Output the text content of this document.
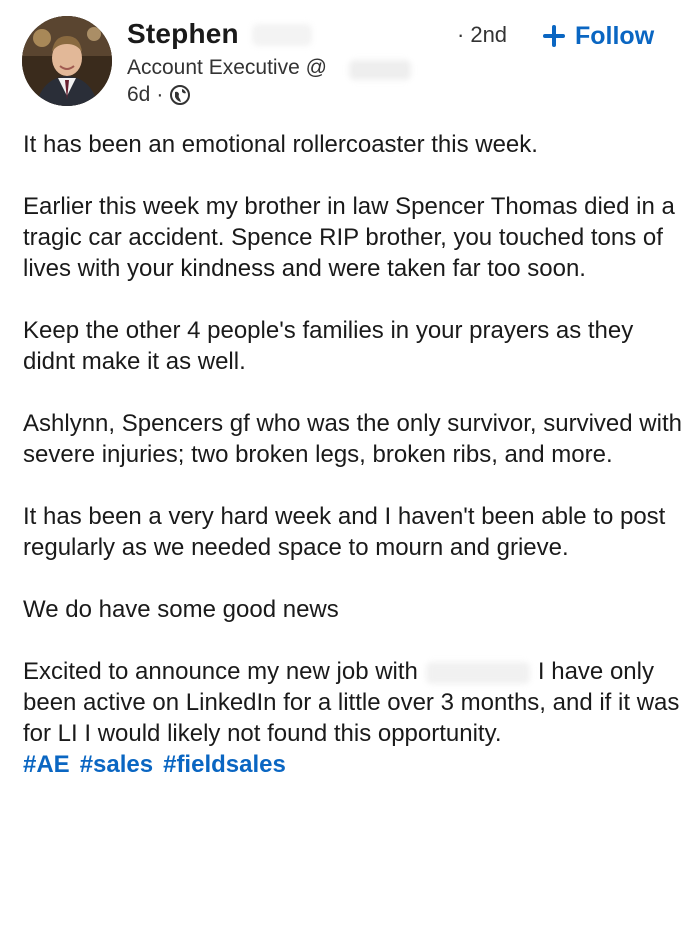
Stephen	· 2nd	Follow
Account Executive @
6d ·

It has been an emotional rollercoaster this week.

Earlier this week my brother in law Spencer Thomas died in a tragic car accident. Spence RIP brother, you touched tons of lives with your kindness and were taken far too soon.

Keep the other 4 people's families in your prayers as they didnt make it as well.

Ashlynn, Spencers gf who was the only survivor, survived with severe injuries; two broken legs, broken ribs, and more.

It has been a very hard week and I haven't been able to post regularly as we needed space to mourn and grieve.

We do have some good news

Excited to announce my new job with	I have only been active on LinkedIn for a little over 3 months, and if it was for LI I would likely not found this opportunity.

#AE #sales #fieldsales
